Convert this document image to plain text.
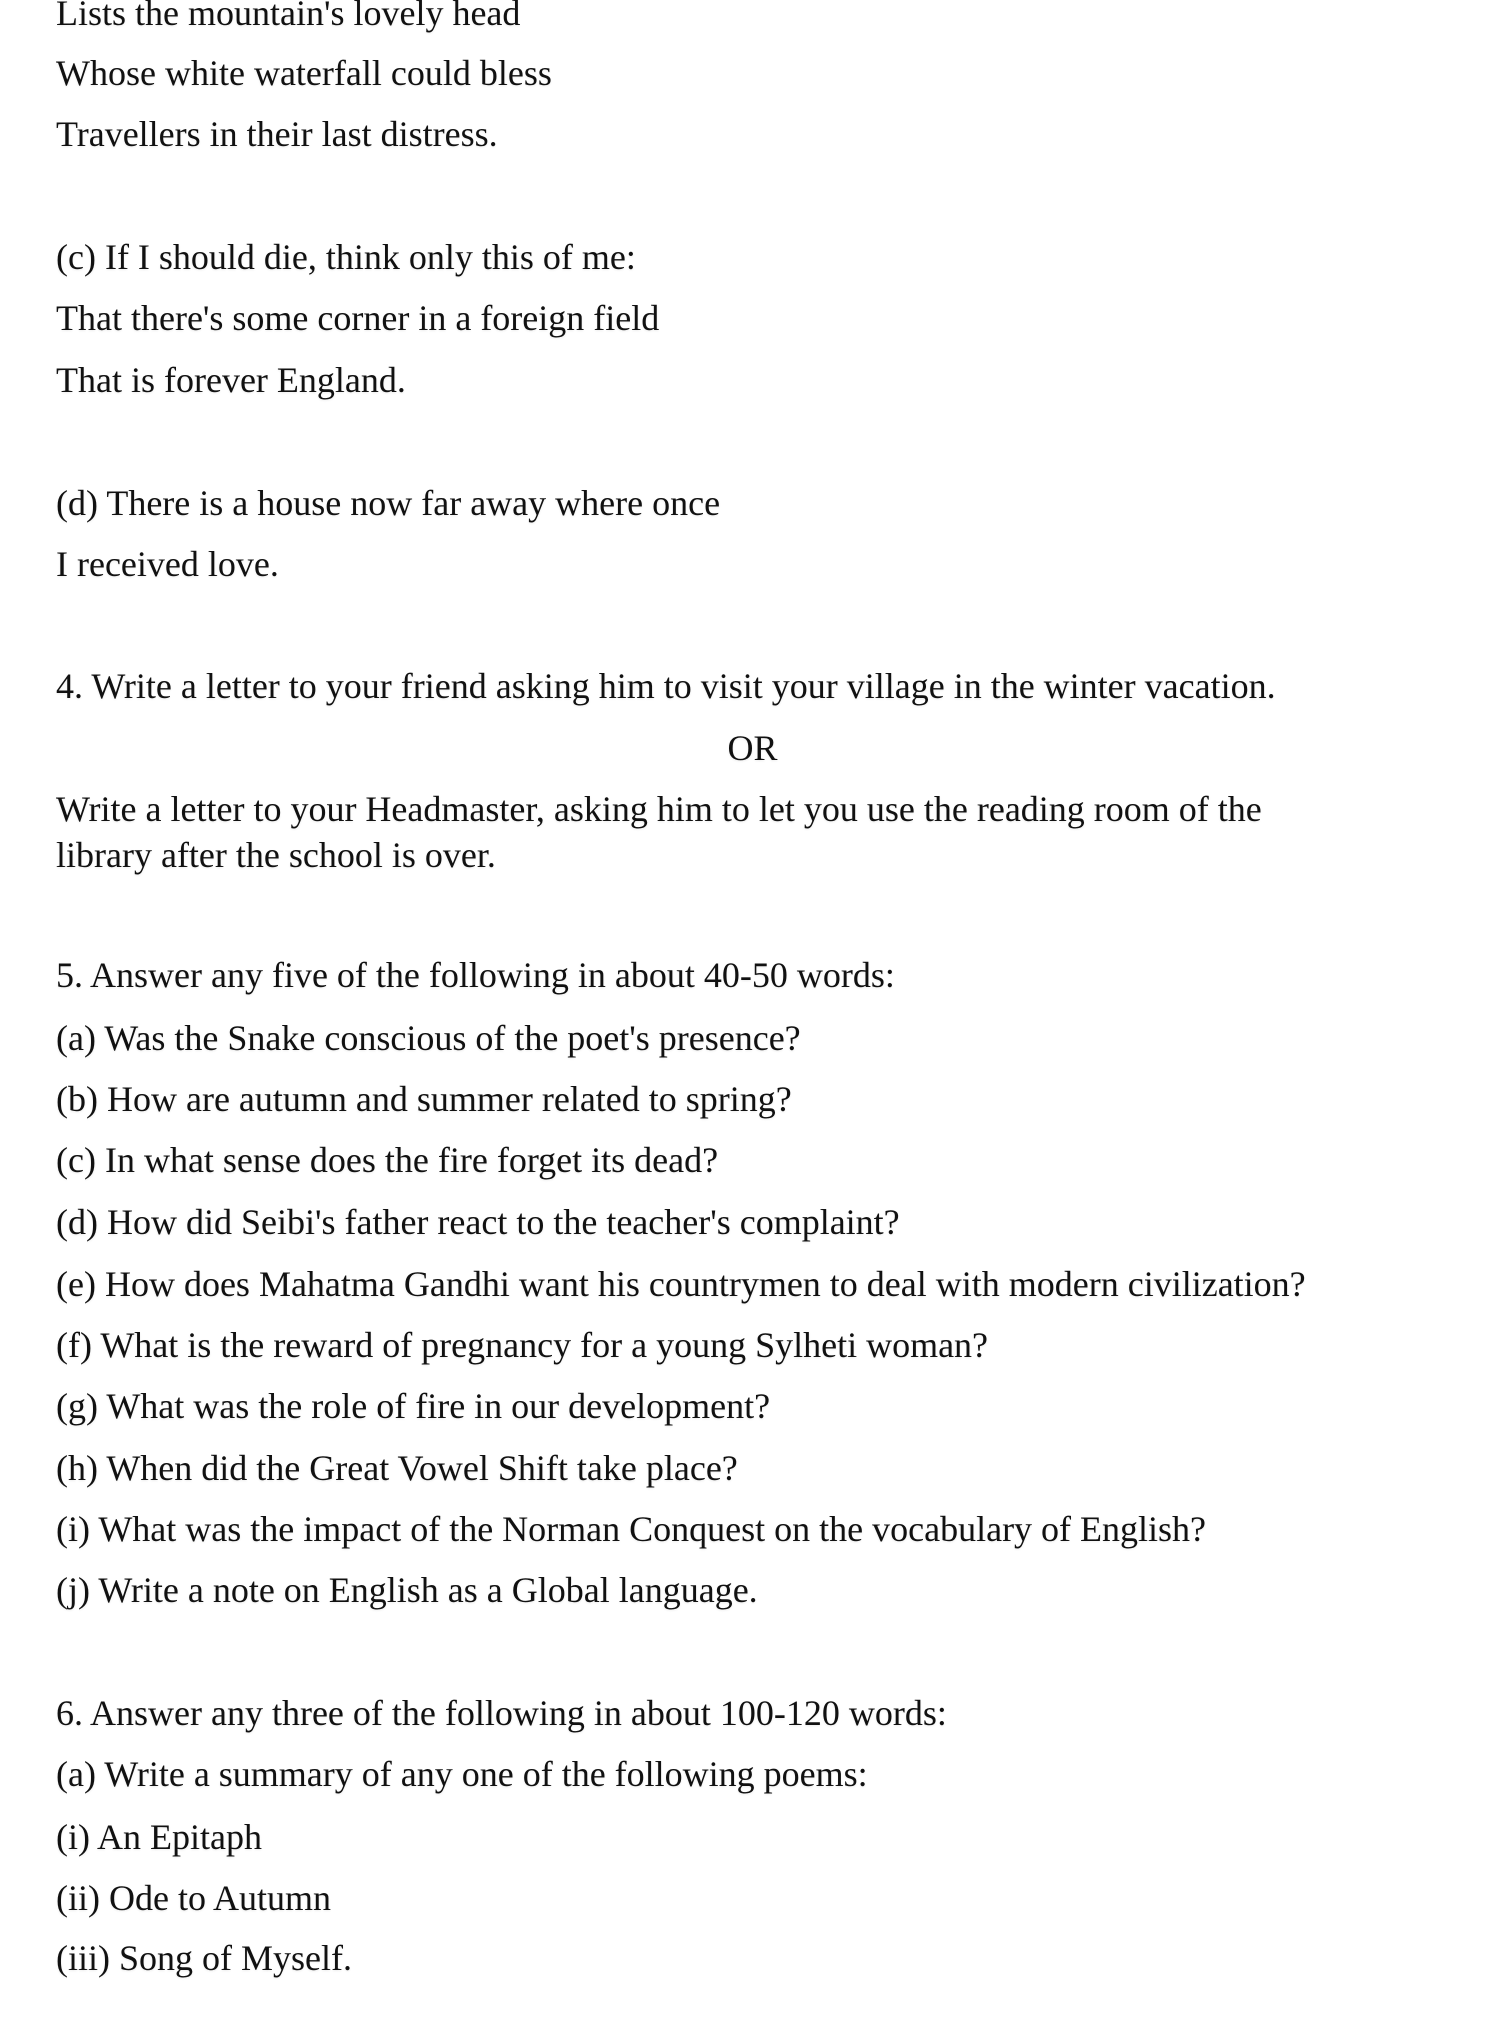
Lists the mountain's lovely head
Whose white waterfall could bless
Travellers in their last distress.
(c) If I should die, think only this of me:
That there's some corner in a foreign field
That is forever England.
(d) There is a house now far away where once
I received love.
4. Write a letter to your friend asking him to visit your village in the winter vacation.
OR
Write a letter to your Headmaster, asking him to let you use the reading room of the
library after the school is over.
5. Answer any five of the following in about 40-50 words:
(a) Was the Snake conscious of the poet's presence?
(b) How are autumn and summer related to spring?
(c) In what sense does the fire forget its dead?
(d) How did Seibi's father react to the teacher's complaint?
(e) How does Mahatma Gandhi want his countrymen to deal with modern civilization?
(f) What is the reward of pregnancy for a young Sylheti woman?
(g) What was the role of fire in our development?
(h) When did the Great Vowel Shift take place?
(i) What was the impact of the Norman Conquest on the vocabulary of English?
(j) Write a note on English as a Global language.
6. Answer any three of the following in about 100-120 words:
(a) Write a summary of any one of the following poems:
(i) An Epitaph
(ii) Ode to Autumn
(iii) Song of Myself.
